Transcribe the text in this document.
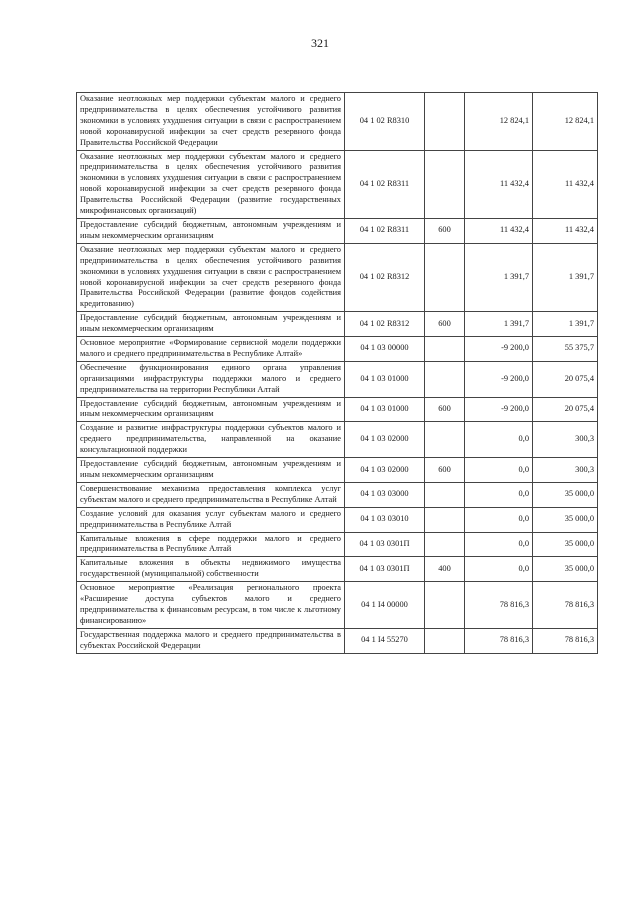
321
Оказание неотложных мер поддержки субъектам малого и среднего предпринимательства в целях обеспечения устойчивого развития экономики в условиях ухудшения ситуации в связи с распространением новой коронавирусной инфекции за счет средств резервного фонда Правительства Российской Федерации	04 1 02 R8310		12 824,1	12 824,1
Оказание неотложных мер поддержки субъектам малого и среднего предпринимательства в целях обеспечения устойчивого развития экономики в условиях ухудшения ситуации в связи с распространением новой коронавирусной инфекции за счет средств резервного фонда Правительства Российской Федерации (развитие государственных микрофинансовых организаций)	04 1 02 R8311		11 432,4	11 432,4
Предоставление субсидий бюджетным, автономным учреждениям и иным некоммерческим организациям	04 1 02 R8311	600	11 432,4	11 432,4
Оказание неотложных мер поддержки субъектам малого и среднего предпринимательства в целях обеспечения устойчивого развития экономики в условиях ухудшения ситуации в связи с распространением новой коронавирусной инфекции за счет средств резервного фонда Правительства Российской Федерации (развитие фондов содействия кредитованию)	04 1 02 R8312		1 391,7	1 391,7
Предоставление субсидий бюджетным, автономным учреждениям и иным некоммерческим организациям	04 1 02 R8312	600	1 391,7	1 391,7
Основное мероприятие «Формирование сервисной модели поддержки малого и среднего предпринимательства в Республике Алтай»	04 1 03 00000		-9 200,0	55 375,7
Обеспечение функционирования единого органа управления организациями инфраструктуры поддержки малого и среднего предпринимательства на территории Республики Алтай	04 1 03 01000		-9 200,0	20 075,4
Предоставление субсидий бюджетным, автономным учреждениям и иным некоммерческим организациям	04 1 03 01000	600	-9 200,0	20 075,4
Создание и развитие инфраструктуры поддержки субъектов малого и среднего предпринимательства, направленной на оказание консультационной поддержки	04 1 03 02000		0,0	300,3
Предоставление субсидий бюджетным, автономным учреждениям и иным некоммерческим организациям	04 1 03 02000	600	0,0	300,3
Совершенствование механизма предоставления комплекса услуг субъектам малого и среднего предпринимательства в Республике Алтай	04 1 03 03000		0,0	35 000,0
Создание условий для оказания услуг субъектам малого и среднего предпринимательства в Республике Алтай	04 1 03 03010		0,0	35 000,0
Капитальные вложения в сфере поддержки малого и среднего предпринимательства в Республике Алтай	04 1 03 0301П		0,0	35 000,0
Капитальные вложения в объекты недвижимого имущества государственной (муниципальной) собственности	04 1 03 0301П	400	0,0	35 000,0
Основное мероприятие «Реализация регионального проекта «Расширение доступа субъектов малого и среднего предпринимательства к финансовым ресурсам, в том числе к льготному финансированию»	04 1 I4 00000		78 816,3	78 816,3
Государственная поддержка малого и среднего предпринимательства в субъектах Российской Федерации	04 1 I4 55270		78 816,3	78 816,3
